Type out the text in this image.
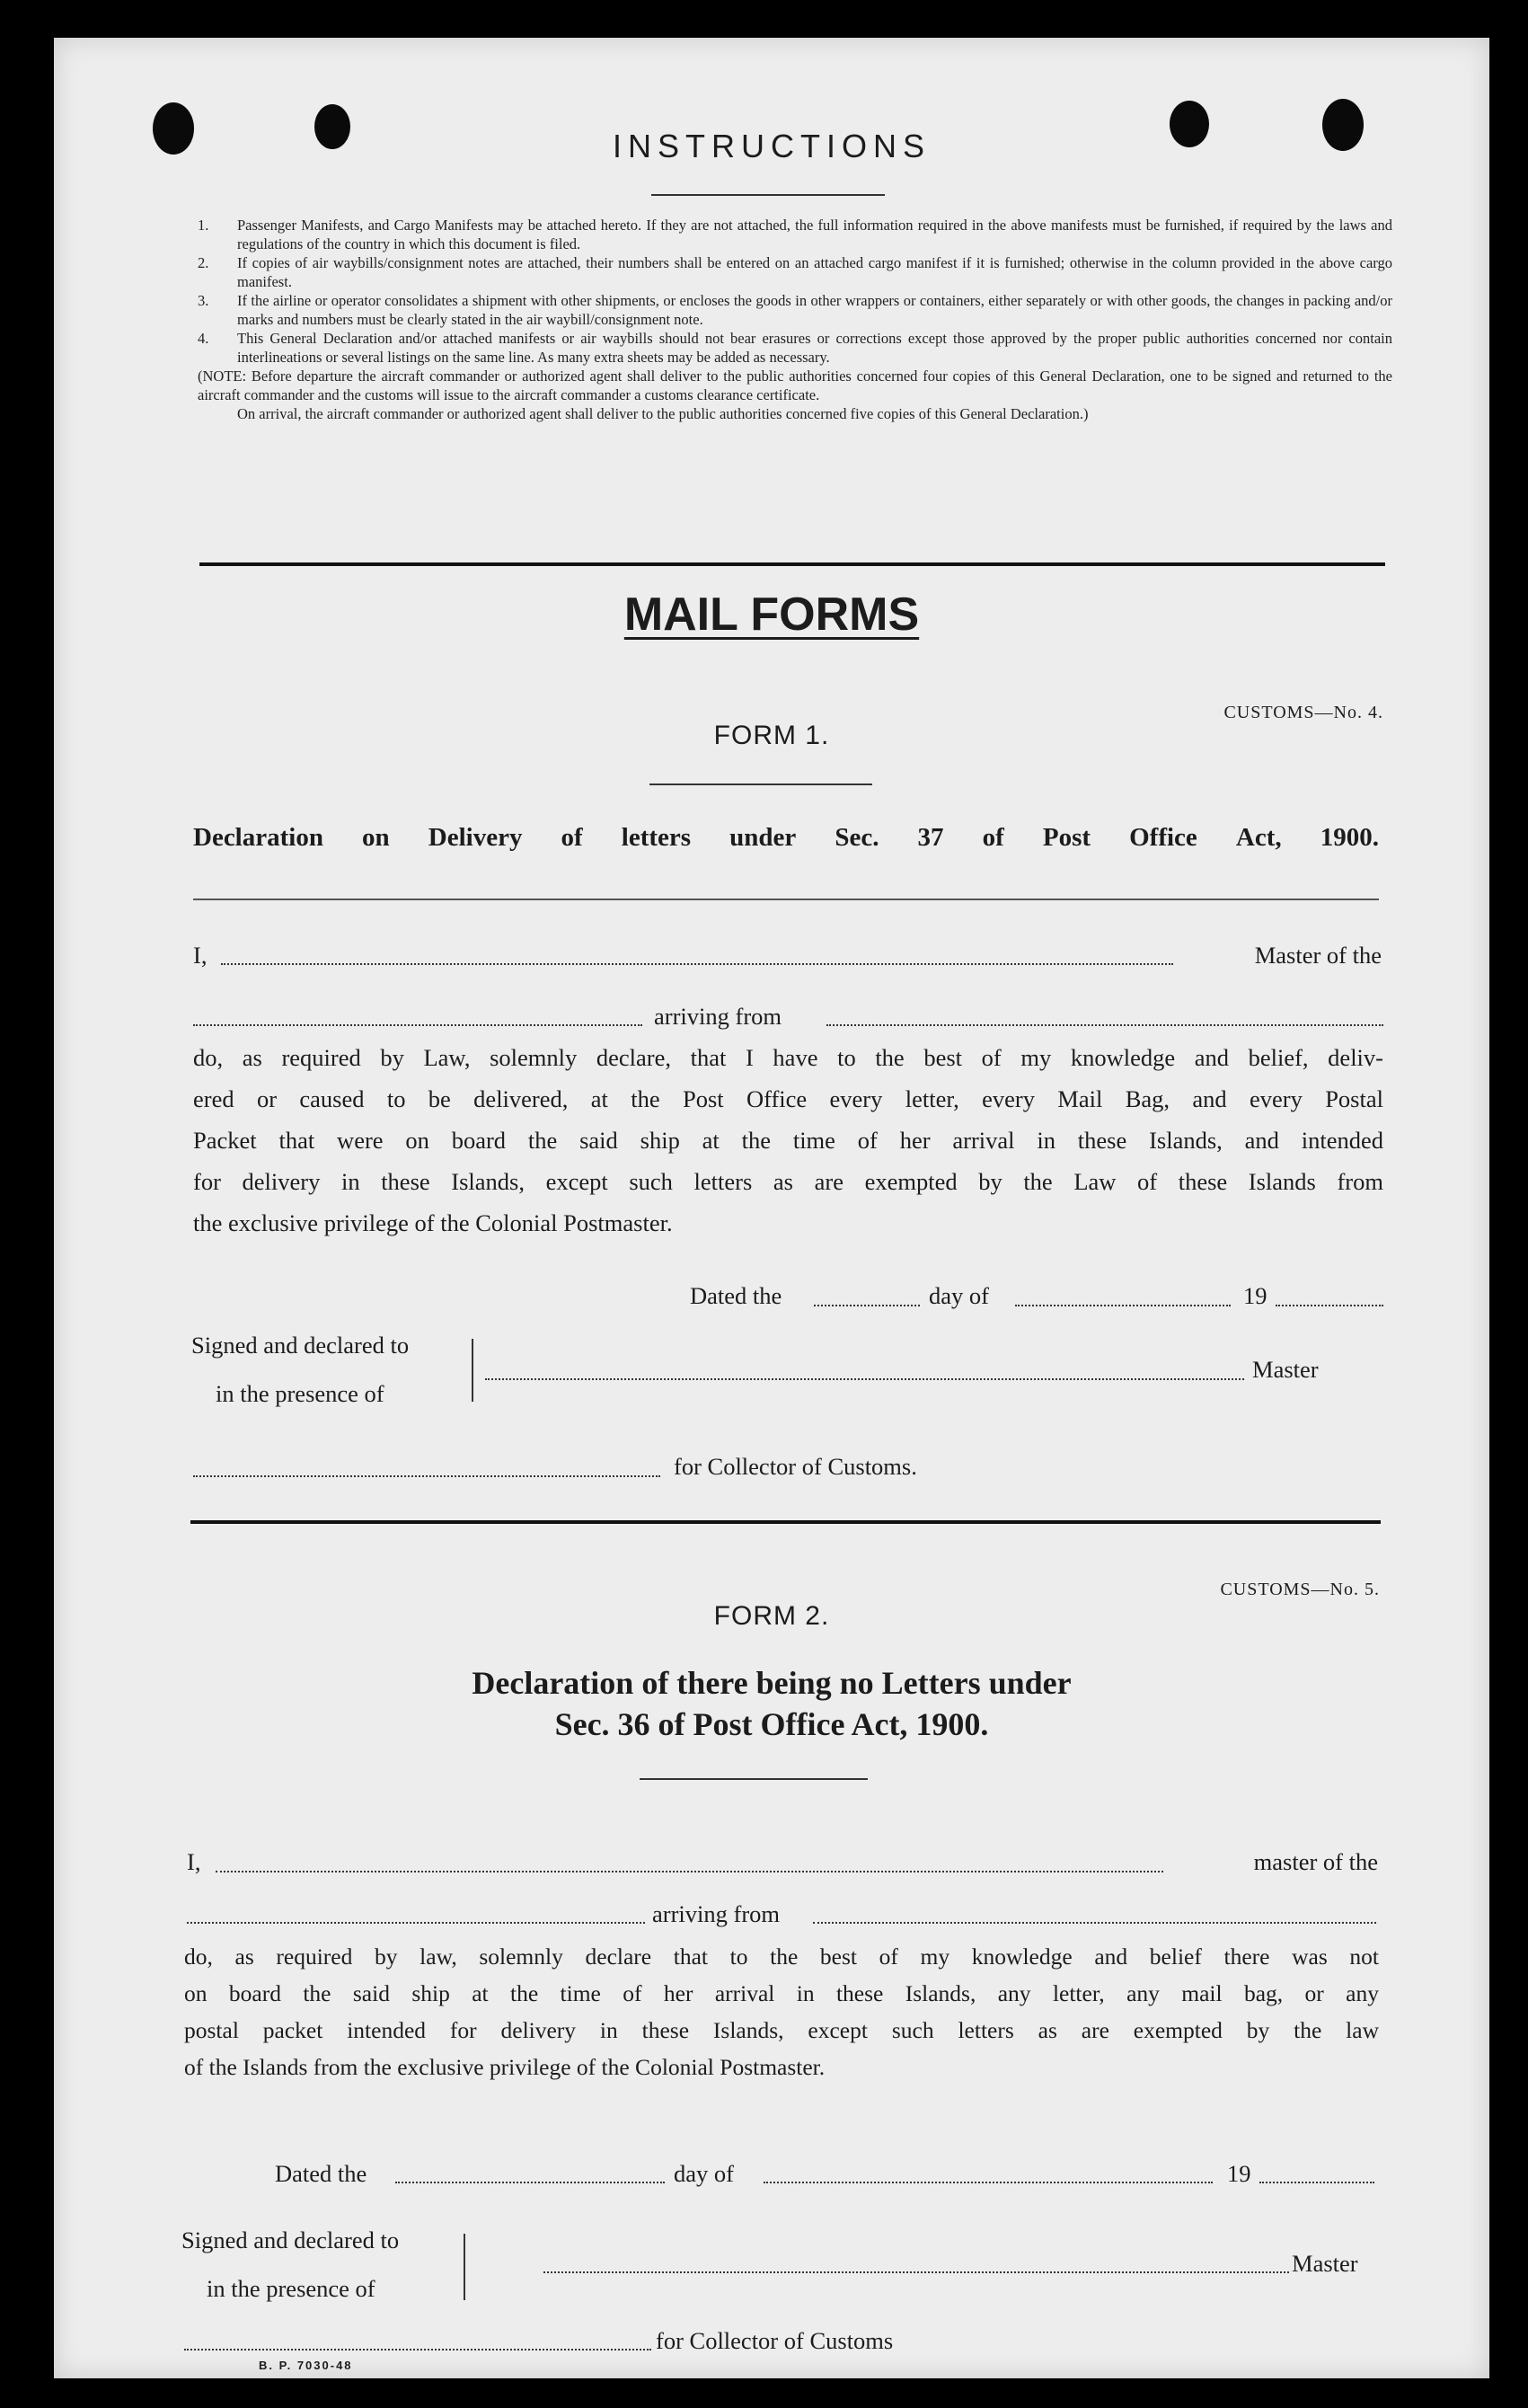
INSTRUCTIONS
1. Passenger Manifests, and Cargo Manifests may be attached hereto. If they are not attached, the full information required in the above manifests must be furnished, if required by the laws and regulations of the country in which this document is filed.
2. If copies of air waybills/consignment notes are attached, their numbers shall be entered on an attached cargo manifest if it is furnished; otherwise in the column provided in the above cargo manifest.
3. If the airline or operator consolidates a shipment with other shipments, or encloses the goods in other wrappers or containers, either separately or with other goods, the changes in packing and/or marks and numbers must be clearly stated in the air waybill/consignment note.
4. This General Declaration and/or attached manifests or air waybills should not bear erasures or corrections except those approved by the proper public authorities concerned nor contain interlineations or several listings on the same line. As many extra sheets may be added as necessary.
(NOTE: Before departure the aircraft commander or authorized agent shall deliver to the public authorities concerned four copies of this General Declaration, one to be signed and returned to the aircraft commander and the customs will issue to the aircraft commander a customs clearance certificate.
On arrival, the aircraft commander or authorized agent shall deliver to the public authorities concerned five copies of this General Declaration.)
MAIL FORMS
CUSTOMS—No. 4.
FORM 1.
Declaration on Delivery of letters under Sec. 37 of Post Office Act, 1900.
I,	Master of the
arriving from
do, as required by Law, solemnly declare, that I have to the best of my knowledge and belief, deliv-
ered or caused to be delivered, at the Post Office every letter, every Mail Bag, and every Postal
Packet that were on board the said ship at the time of her arrival in these Islands, and intended
for delivery in these Islands, except such letters as are exempted by the Law of these Islands from
the exclusive privilege of the Colonial Postmaster.
Dated the	day of	19
Signed and declared to
in the presence of
Master
for Collector of Customs.
CUSTOMS—No. 5.
FORM 2.
Declaration of there being no Letters under
Sec. 36 of Post Office Act, 1900.
I,	master of the
arriving from
do, as required by law, solemnly declare that to the best of my knowledge and belief there was not
on board the said ship at the time of her arrival in these Islands, any letter, any mail bag, or any
postal packet intended for delivery in these Islands, except such letters as are exempted by the law
of the Islands from the exclusive privilege of the Colonial Postmaster.
Dated the	day of	19
Signed and declared to
in the presence of
Master
for Collector of Customs
B. P. 7030-48
